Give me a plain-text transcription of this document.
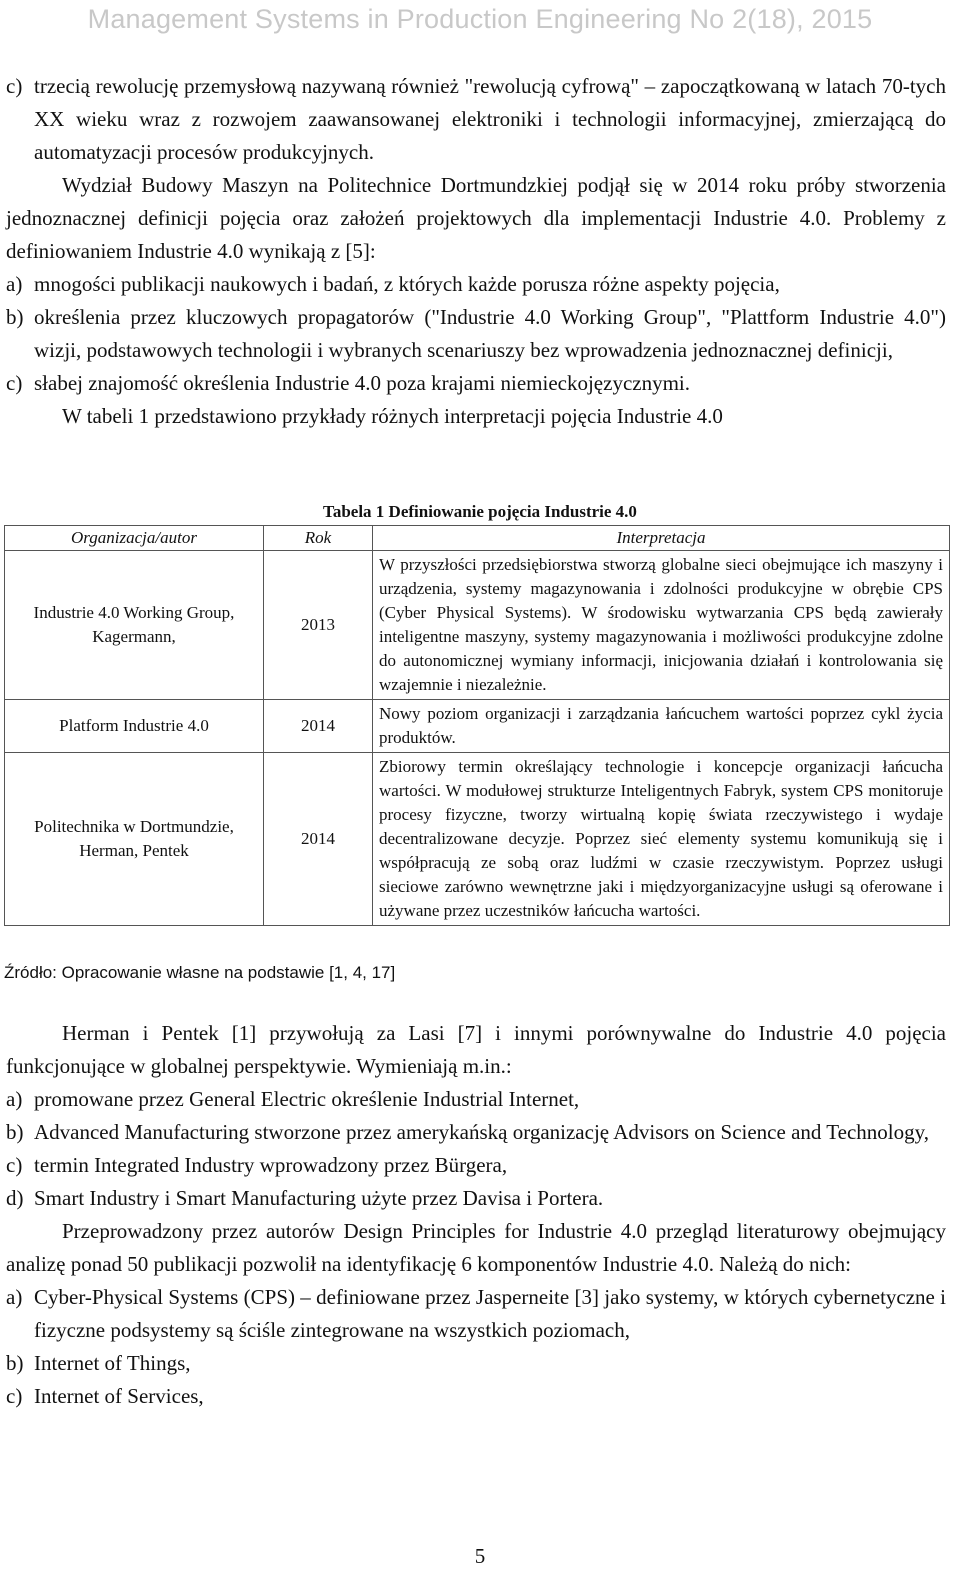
Management Systems in Production Engineering No 2(18), 2015
c) trzecią rewolucję przemysłową nazywaną również "rewolucją cyfrową" – zapoczątkowaną w latach 70-tych XX wieku wraz z rozwojem zaawansowanej elektroniki i technologii informacyjnej, zmierzającą do automatyzacji procesów produkcyjnych.
Wydział Budowy Maszyn na Politechnice Dortmundzkiej podjął się w 2014 roku próby stworzenia jednoznacznej definicji pojęcia oraz założeń projektowych dla implementacji Industrie 4.0. Problemy z definiowaniem Industrie 4.0 wynikają z [5]:
a) mnogości publikacji naukowych i badań, z których każde porusza różne aspekty pojęcia,
b) określenia przez kluczowych propagatorów ("Industrie 4.0 Working Group", "Plattform Industrie 4.0") wizji, podstawowych technologii i wybranych scenariuszy bez wprowadzenia jednoznacznej definicji,
c) słabej znajomość określenia Industrie 4.0 poza krajami niemieckojęzycznymi.
W tabeli 1 przedstawiono przykłady różnych interpretacji pojęcia Industrie 4.0
Tabela 1 Definiowanie pojęcia Industrie 4.0
Organizacja/autor	Rok	Interpretacja
Industrie 4.0 Working Group, Kagermann,	2013	W przyszłości przedsiębiorstwa stworzą globalne sieci obejmujące ich maszyny i urządzenia, systemy magazynowania i zdolności produkcyjne w obrębie CPS (Cyber Physical Systems). W środowisku wytwarzania CPS będą zawierały inteligentne maszyny, systemy magazynowania i możliwości produkcyjne zdolne do autonomicznej wymiany informacji, inicjowania działań i kontrolowania się wzajemnie i niezależnie.
Platform Industrie 4.0	2014	Nowy poziom organizacji i zarządzania łańcuchem wartości poprzez cykl życia produktów.
Politechnika w Dortmundzie, Herman, Pentek	2014	Zbiorowy termin określający technologie i koncepcje organizacji łańcucha wartości. W modułowej strukturze Inteligentnych Fabryk, system CPS monitoruje procesy fizyczne, tworzy wirtualną kopię świata rzeczywistego i wydaje decentralizowane decyzje. Poprzez sieć elementy systemu komunikują się i współpracują ze sobą oraz ludźmi w czasie rzeczywistym. Poprzez usługi sieciowe zarówno wewnętrzne jaki i międzyorganizacyjne usługi są oferowane i używane przez uczestników łańcucha wartości.
Źródło: Opracowanie własne na podstawie [1, 4, 17]
Herman i Pentek [1] przywołują za Lasi [7] i innymi porównywalne do Industrie 4.0 pojęcia funkcjonujące w globalnej perspektywie. Wymieniają m.in.:
a) promowane przez General Electric określenie Industrial Internet,
b) Advanced Manufacturing stworzone przez amerykańską organizację Advisors on Science and Technology,
c) termin Integrated Industry wprowadzony przez Bürgera,
d) Smart Industry i Smart Manufacturing użyte przez Davisa i Portera.
Przeprowadzony przez autorów Design Principles for Industrie 4.0 przegląd literaturowy obejmujący analizę ponad 50 publikacji pozwolił na identyfikację 6 komponentów Industrie 4.0. Należą do nich:
a) Cyber-Physical Systems (CPS) – definiowane przez Jasperneite [3] jako systemy, w których cybernetyczne i fizyczne podsystemy są ściśle zintegrowane na wszystkich poziomach,
b) Internet of Things,
c) Internet of Services,
5
